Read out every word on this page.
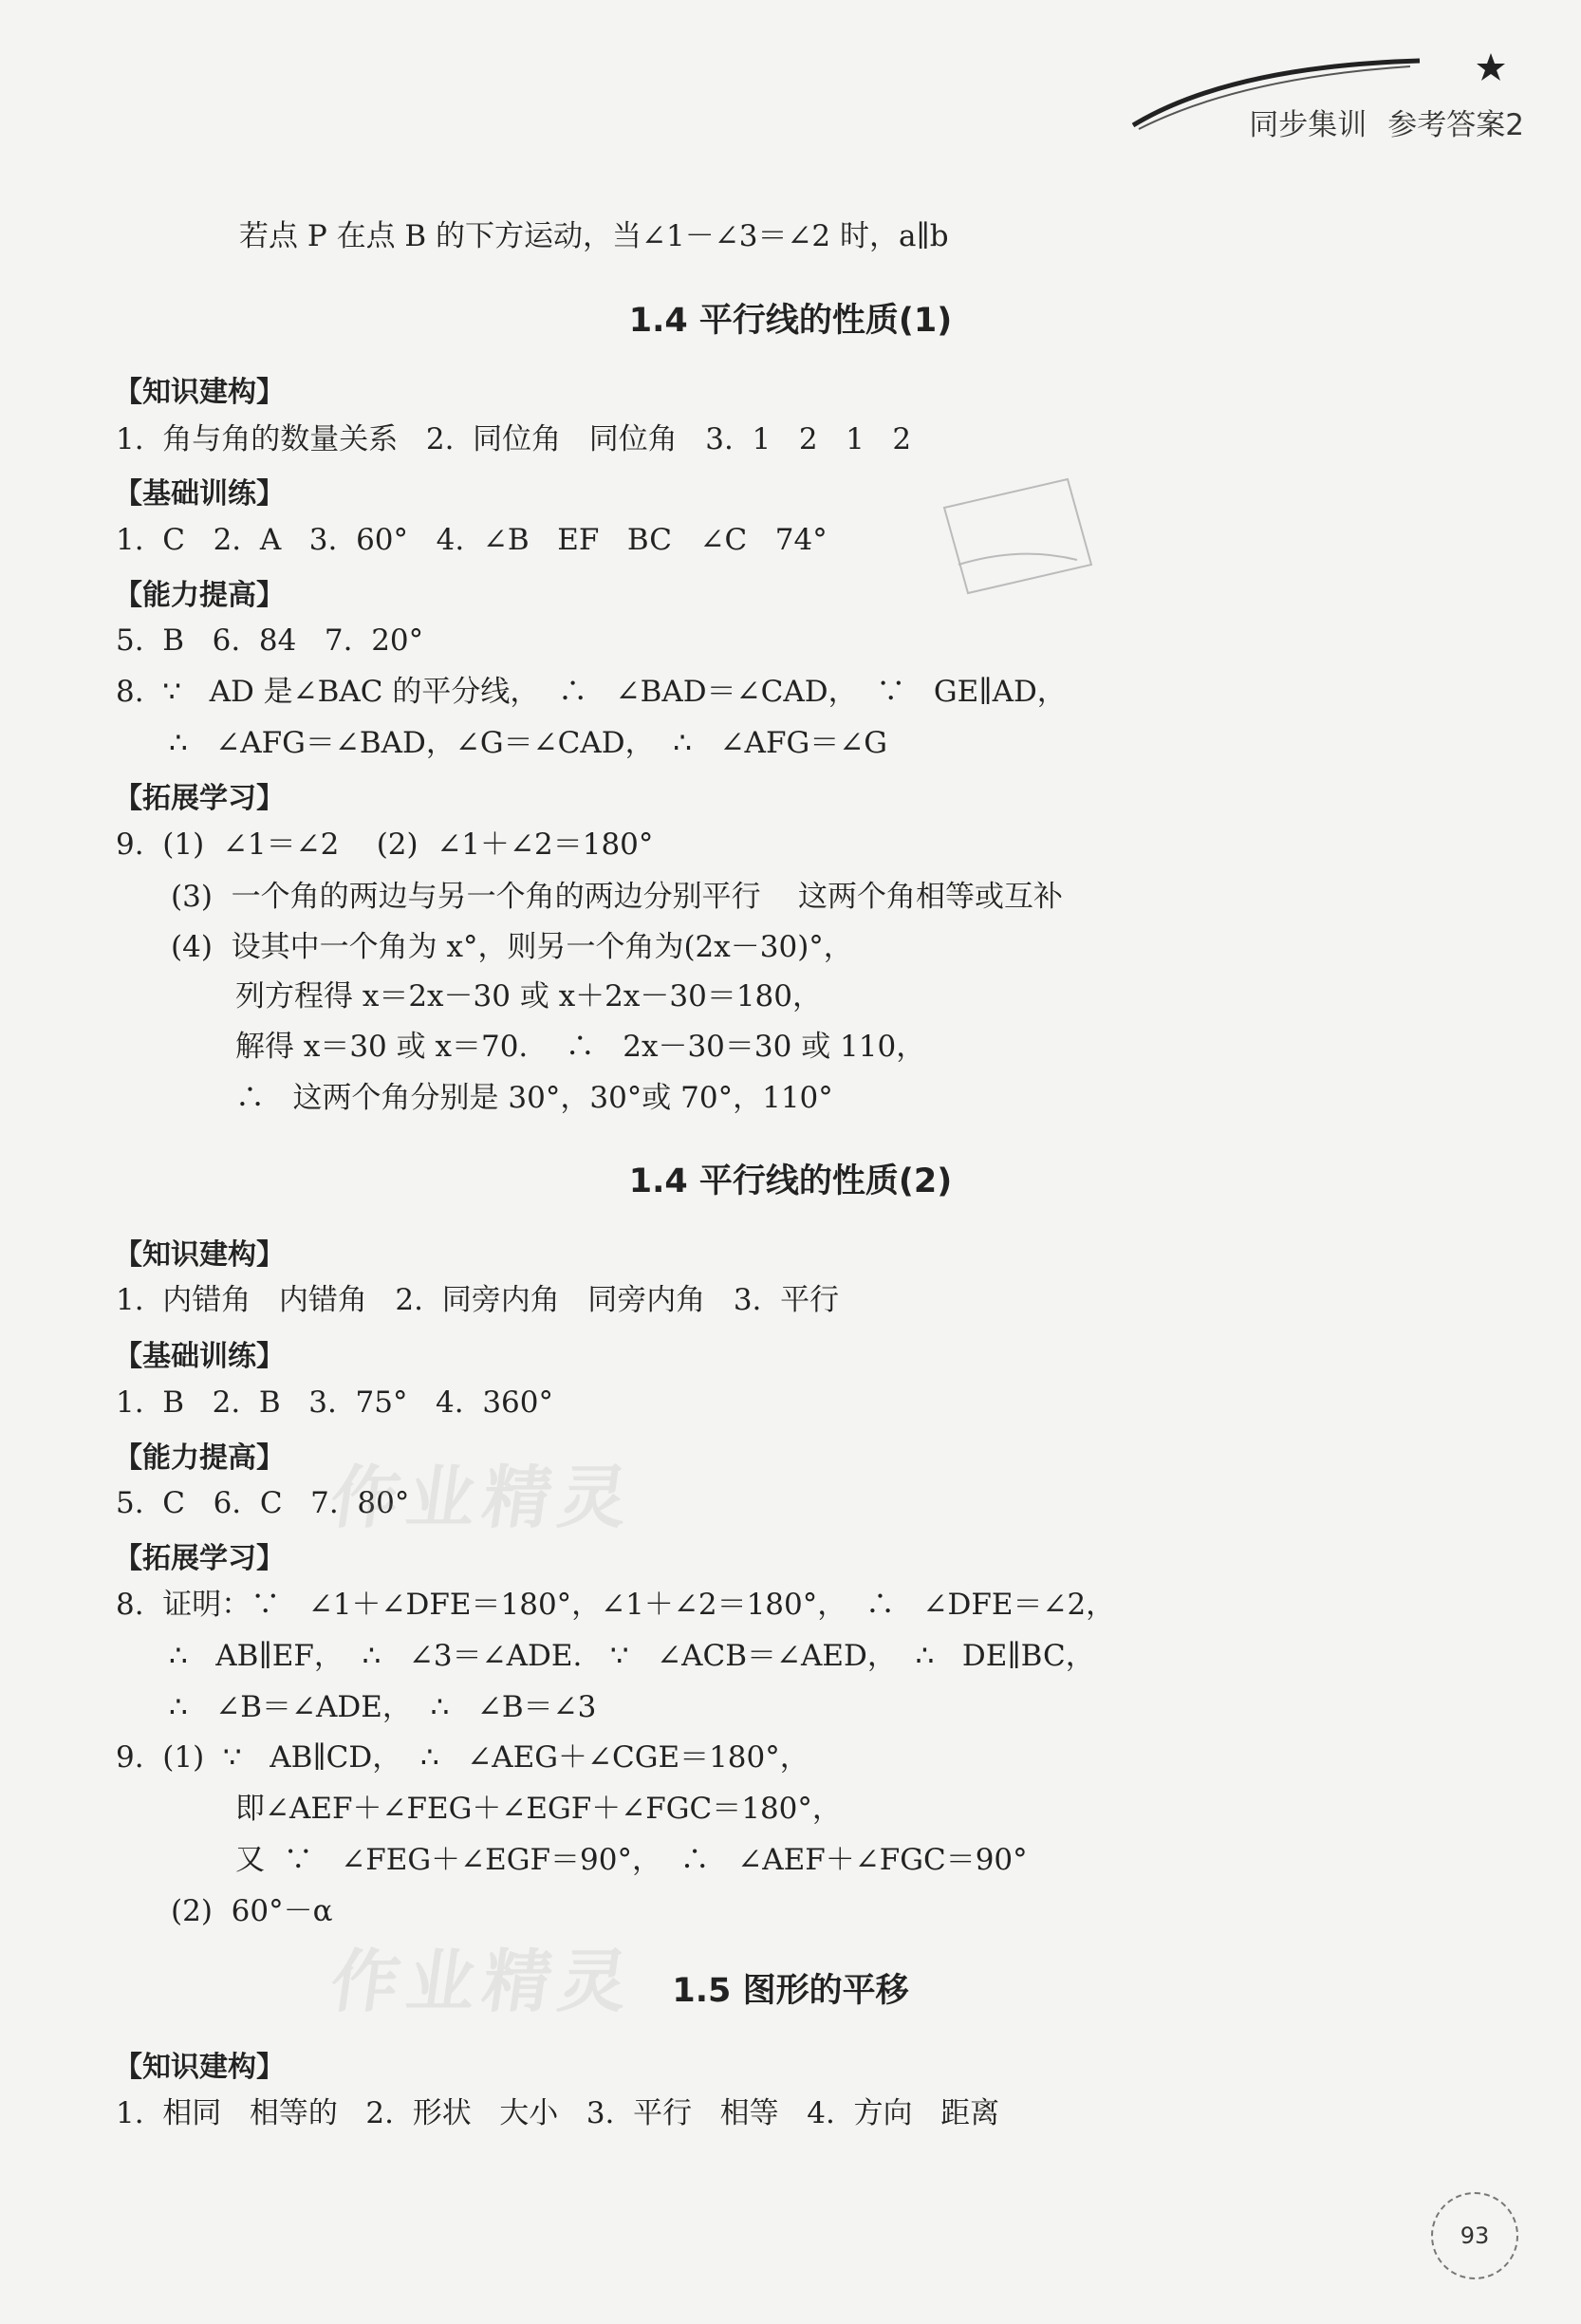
同步集训 参考答案2
若点 P 在点 B 的下方运动，当∠1－∠3＝∠2 时，a∥b
1.4 平行线的性质(1)
【知识建构】
1.  角与角的数量关系   2.  同位角   同位角   3.  1   2   1   2
【基础训练】
1.  C   2.  A   3.  60°   4.  ∠B   EF   BC   ∠C   74°
【能力提高】
5.  B   6.  84   7.  20°
8.  ∵   AD 是∠BAC 的平分线，  ∴   ∠BAD＝∠CAD，  ∵   GE∥AD，
∴   ∠AFG＝∠BAD，∠G＝∠CAD，  ∴   ∠AFG＝∠G
【拓展学习】
9.  (1)  ∠1＝∠2    (2)  ∠1＋∠2＝180°
(3)  一个角的两边与另一个角的两边分别平行    这两个角相等或互补
(4)  设其中一个角为 x°，则另一个角为(2x－30)°，
列方程得 x＝2x－30 或 x＋2x－30＝180，
解得 x＝30 或 x＝70.    ∴   2x－30＝30 或 110，
∴   这两个角分别是 30°，30°或 70°，110°
1.4 平行线的性质(2)
【知识建构】
1.  内错角   内错角   2.  同旁内角   同旁内角   3.  平行
【基础训练】
1.  B   2.  B   3.  75°   4.  360°
【能力提高】
5.  C   6.  C   7.  80°
作业精灵
【拓展学习】
8.  证明：∵   ∠1＋∠DFE＝180°，∠1＋∠2＝180°，  ∴   ∠DFE＝∠2，
∴   AB∥EF，  ∴   ∠3＝∠ADE.   ∵   ∠ACB＝∠AED，  ∴   DE∥BC，
∴   ∠B＝∠ADE，  ∴   ∠B＝∠3
9.  (1)  ∵   AB∥CD，  ∴   ∠AEG＋∠CGE＝180°，
即∠AEF＋∠FEG＋∠EGF＋∠FGC＝180°，
又  ∵   ∠FEG＋∠EGF＝90°，  ∴   ∠AEF＋∠FGC＝90°
(2)  60°－α
作业精灵 1.5 图形的平移
【知识建构】
1.  相同   相等的   2.  形状   大小   3.  平行   相等   4.  方向   距离
93
